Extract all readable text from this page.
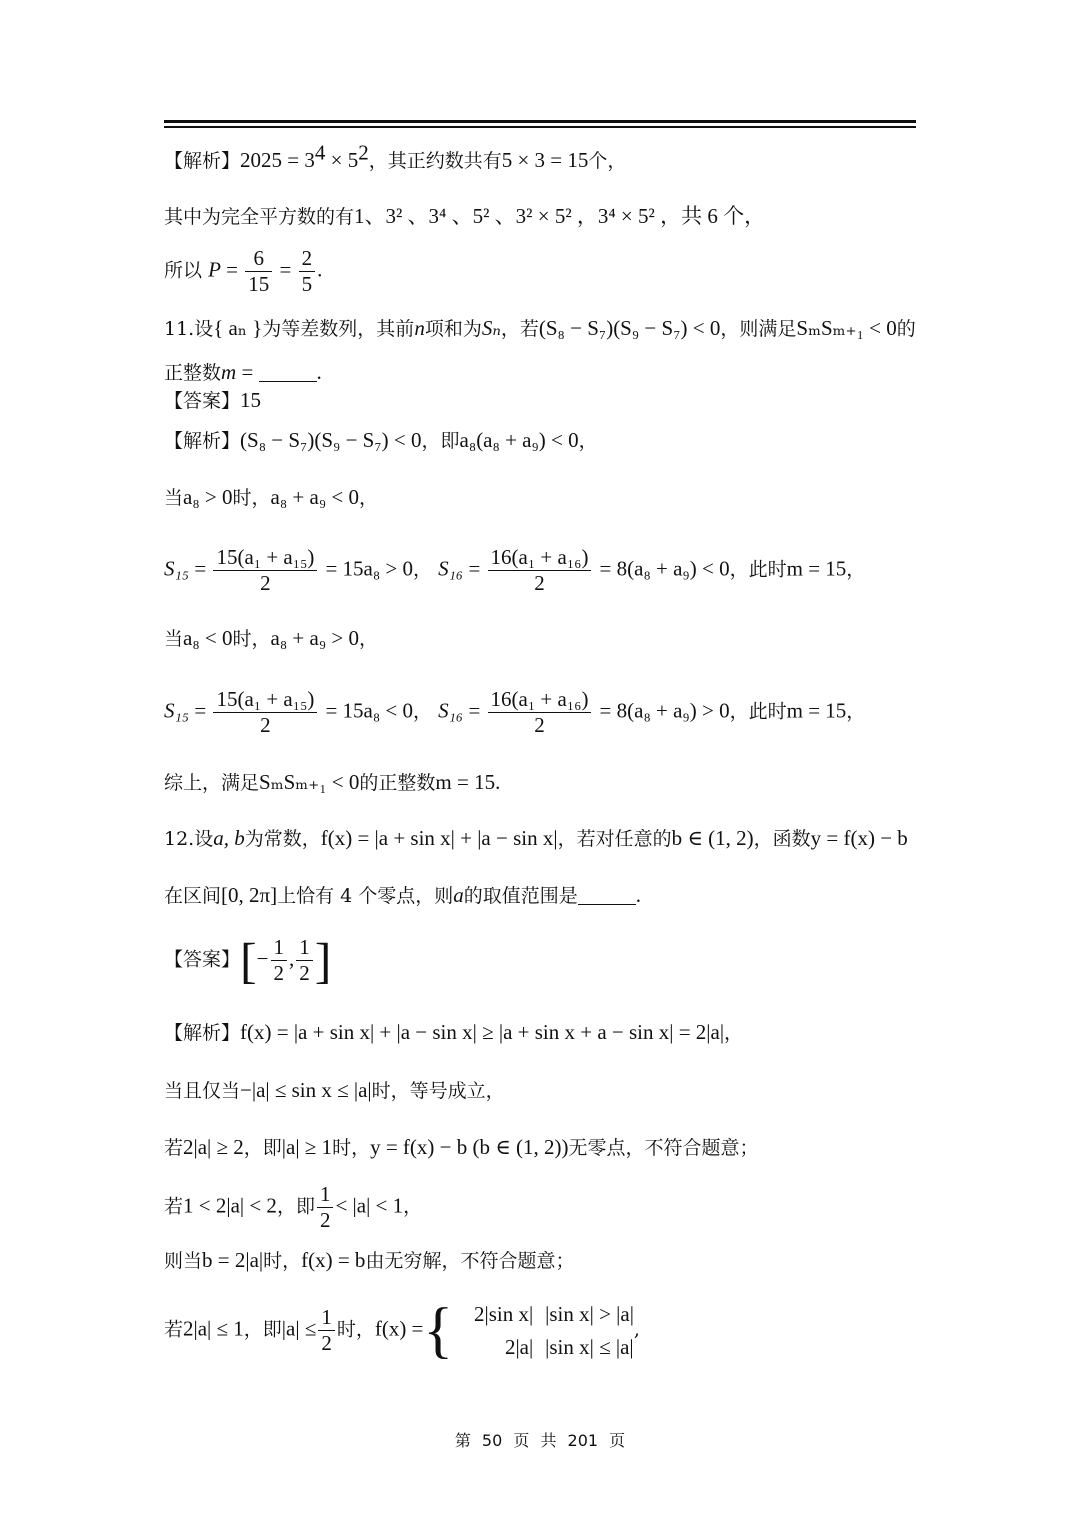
【解析】$2025 = 3^4 \times 5^2$，其正约数共有5 × 3 = 15个，
其中为完全平方数的有1、3² 、3⁴ 、5² 、3² × 5² ，3⁴ × 5² ，共 6 个，
所以 $P = \frac{6}{15} = \frac{2}{5}$ .
11.设{ aₙ }为等差数列，其前n项和为Sₙ，若(S₈ − S₇)(S₉ − S₇) < 0，则满足SₘSₘ₊₁ < 0的
正整数m =	.
【答案】15
【解析】(S₈ − S₇)(S₉ − S₇) < 0，即a₈(a₈ + a₉) < 0，
当a₈ > 0时，a₈ + a₉ < 0，
$S_{15} = \frac{\text{15(a₁ + a₁₅)}}{2} = 15a_8 > 0$， $S_{16} = \frac{\text{16(a₁ + a₁₆)}}{2} = 8(a_8 + a_9) < 0$，此时m = 15，
当a₈ < 0时，a₈ + a₉ > 0，
$S_{15} = \frac{\text{15(a₁ + a₁₅)}}{2} = 15a_8 < 0$， $S_{16} = \frac{\text{16(a₁ + a₁₆)}}{2} = 8(a_8 + a_9) > 0$，此时m = 15，
综上，满足SₘSₘ₊₁ < 0的正整数m = 15.
12.设a, b为常数，f(x) = |a + sin x| + |a − sin x|，若对任意的b ∈ (1, 2)，函数y = f(x) − b
在区间[0, 2π]上恰有 4 个零点，则a的取值范围是	.
【答案】[− $\frac{1}{2}$ , $\frac{1}{2}$ ]
【解析】f(x) = |a + sin x| + |a − sin x| ≥ |a + sin x + a − sin x| = 2|a|，
当且仅当−|a| ≤ sin x ≤ |a|时，等号成立，
若2|a| ≥ 2，即|a| ≥ 1时，y = f(x) − b (b ∈ (1, 2))无零点，不符合题意；
若1 < 2|a| < 2，即 $\frac{1}{2} < |a| < 1$，
则当b = 2|a|时，f(x) = b由无穷解，不符合题意；
若2|a| ≤ 1，即$|a| \le \frac{1}{2}$ 时，f(x) ={ 2|sin x| |sin x| > |a|
2|a| |sin x| ≤ |a|
,
第 50 页 共 201 页
